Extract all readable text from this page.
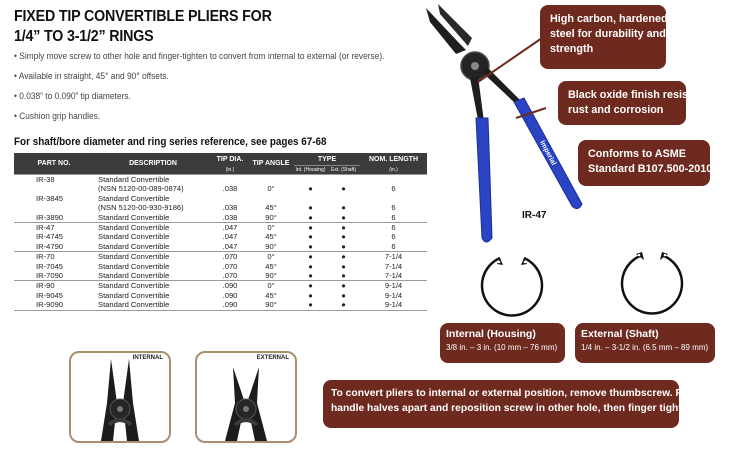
FIXED TIP CONVERTIBLE PLIERS FOR
1/4” TO 3-1/2” RINGS
• Simply move screw to other hole and finger-tighten to convert from internal to external (or reverse).
• Available in straight, 45° and 90° offsets.
• 0.038” to 0.090” tip diameters.
• Cushion grip handles.
For shaft/bore diameter and ring series reference, see pages 67-68
PART NO.	DESCRIPTION	TIP DIA.	TIP ANGLE	TYPE		NOM. LENGTH
		(in.)		Int. (Housing)	Ext. (Shaft)	(in.)
IR-38	Standard Convertible					
	(NSN 5120-00-089-0874)	.038	0°	●	●	6
IR-3845	Standard Convertible					
	(NSN 5120-00-930-9186)	.038	45°	●	●	6
IR-3890	Standard Convertible	.038	90°	●	●	6
IR-47	Standard Convertible	.047	0°	●	●	6
IR-4745	Standard Convertible	.047	45°	●	●	6
IR-4790	Standard Convertible	.047	90°	●	●	6
IR-70	Standard Convertible	.070	0°	●	●	7-1/4
IR-7045	Standard Convertible	.070	45°	●	●	7-1/4
IR-7090	Standard Convertible	.070	90°	●	●	7-1/4
IR-90	Standard Convertible	.090	0°	●	●	9-1/4
IR-9045	Standard Convertible	.090	45°	●	●	9-1/4
IR-9090	Standard Convertible	.090	90°	●	●	9-1/4
INTERNAL	EXTERNAL
Imperial
IR-47
High carbon, hardened
steel for durability and
strength
Black oxide finish resists
rust and corrosion
Conforms to ASME
Standard B107.500-2010
Internal (Housing)
3/8 in. – 3 in. (10 mm – 76 mm)
External (Shaft)
1/4 in. – 3-1/2 in. (6.5 mm – 89 mm)
To convert pliers to internal or external position, remove thumbscrew. Pull
handle halves apart and reposition screw in other hole, then finger tighten.
